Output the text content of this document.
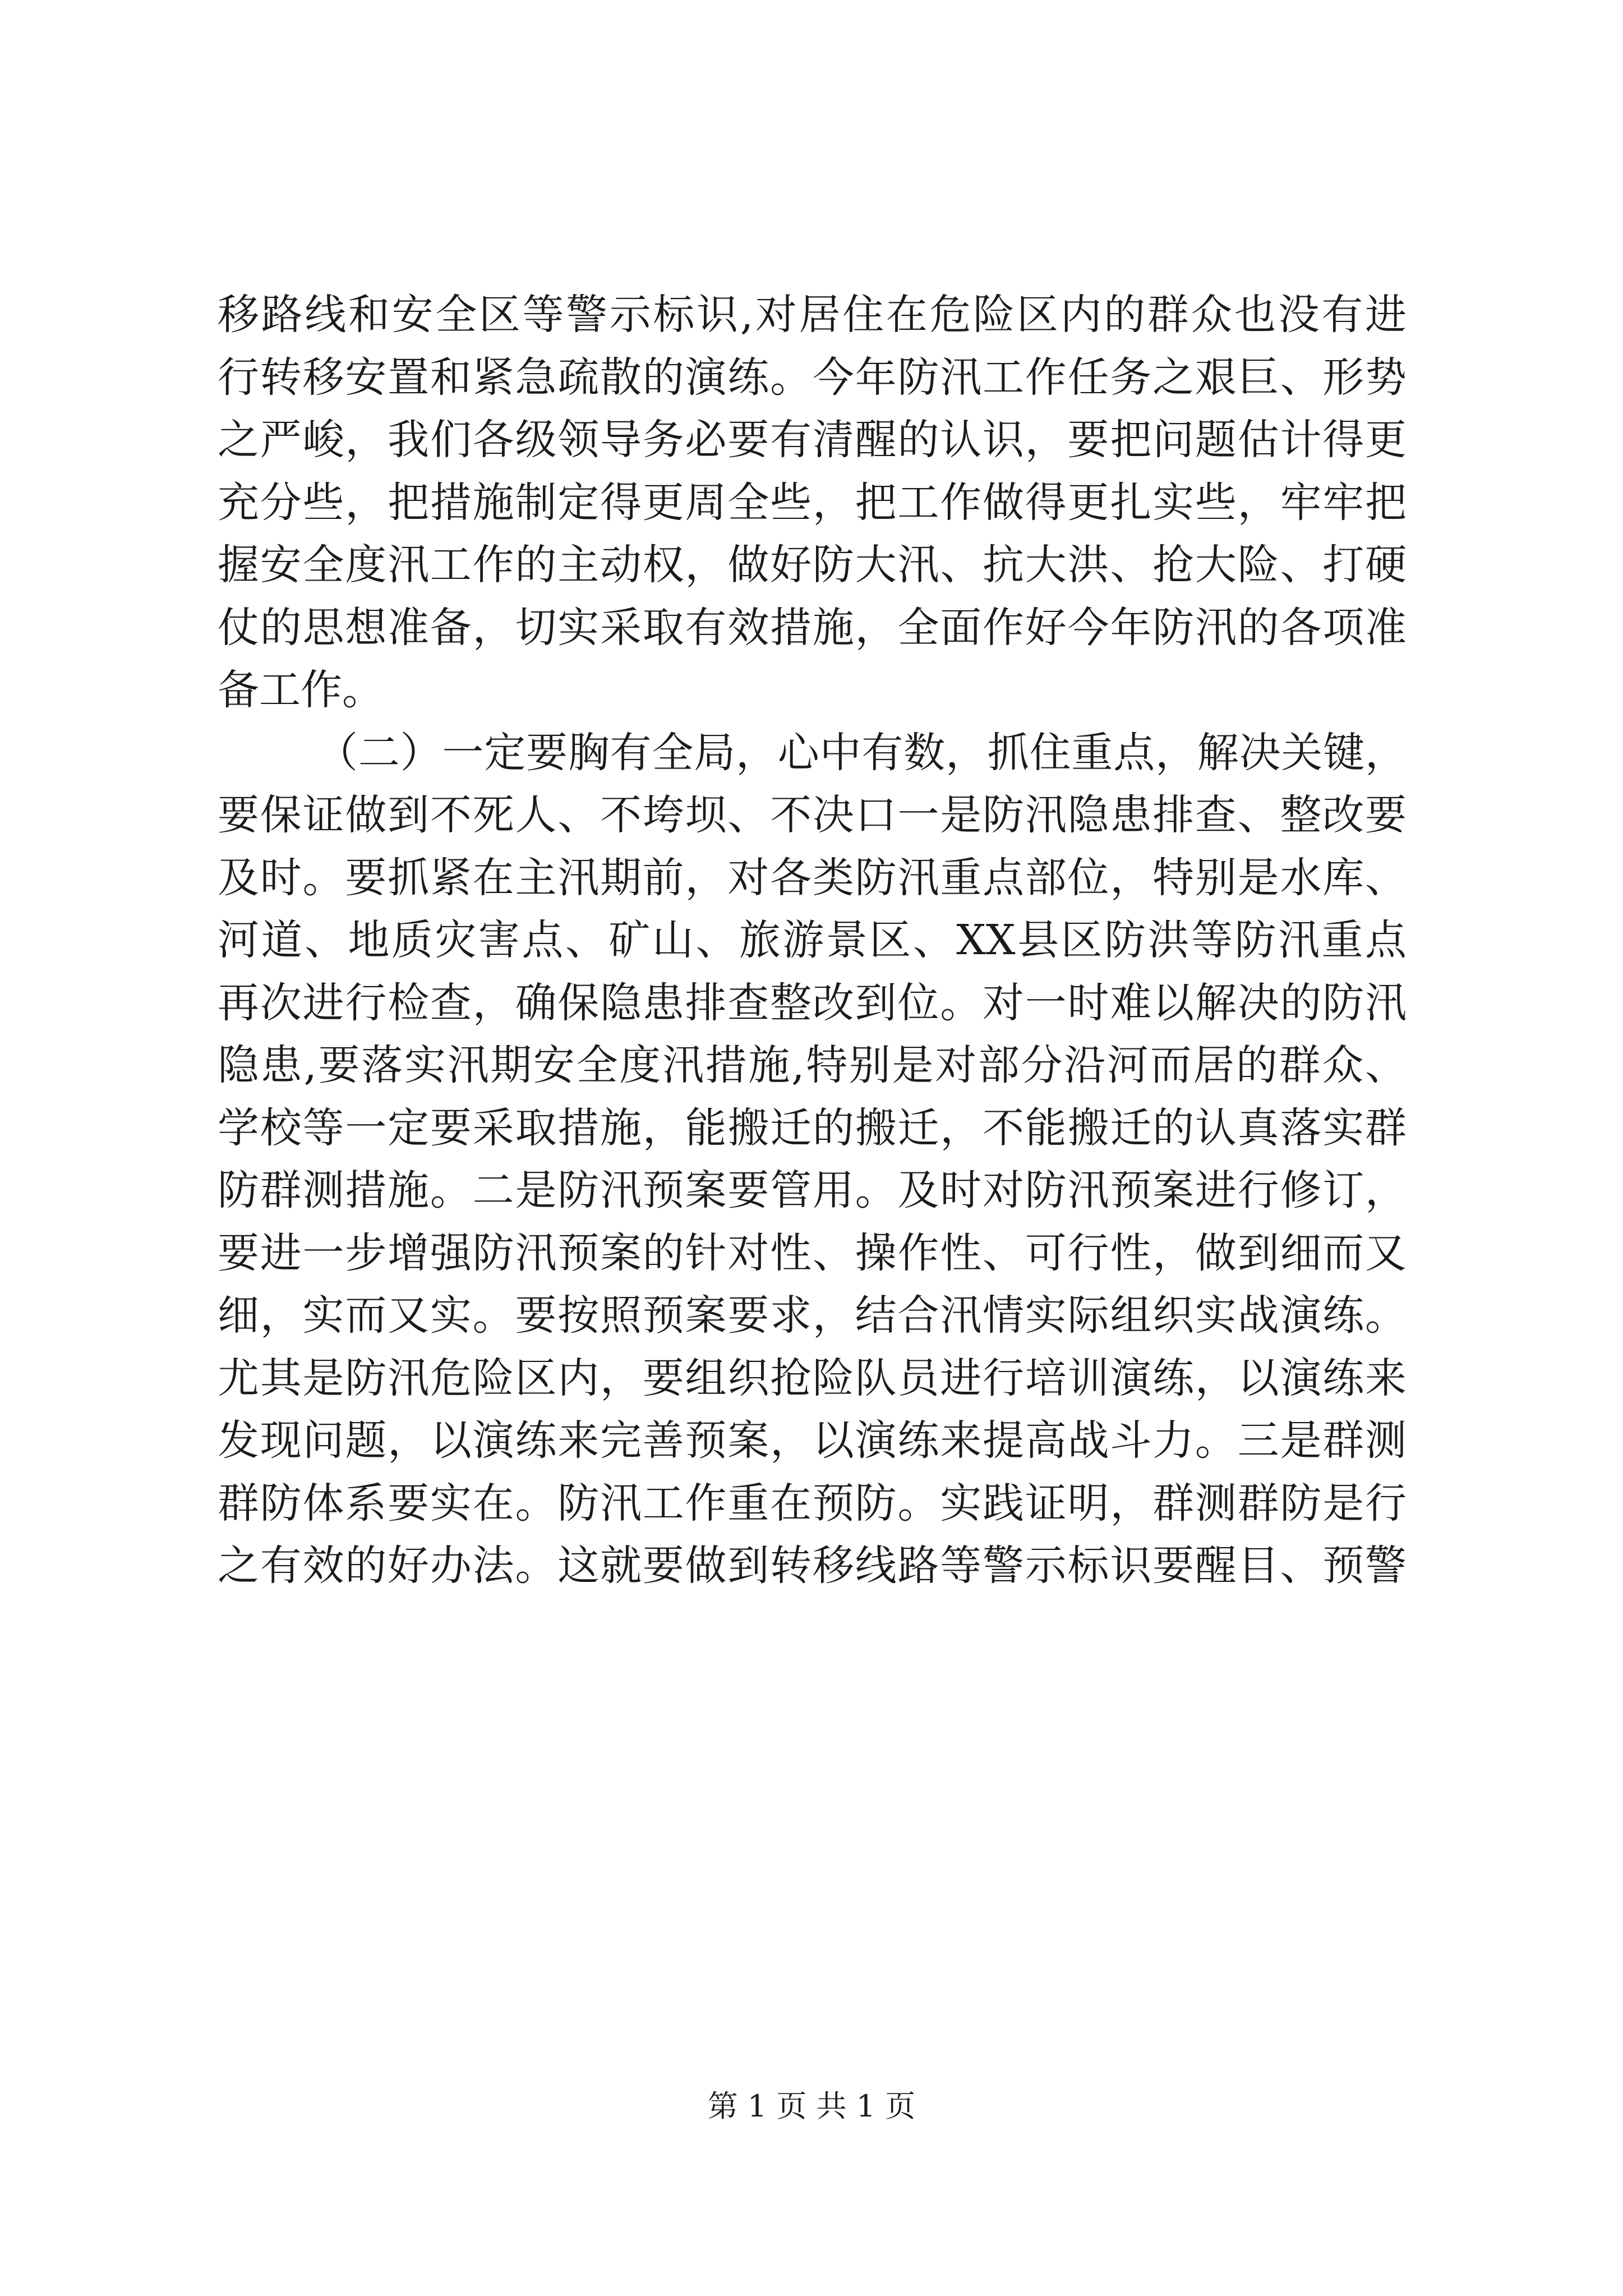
移路线和安全区等警示标识,对居住在危险区内的群众也没有进
行转移安置和紧急疏散的演练。今年防汛工作任务之艰巨、形势
之严峻，我们各级领导务必要有清醒的认识，要把问题估计得更
充分些，把措施制定得更周全些，把工作做得更扎实些，牢牢把
握安全度汛工作的主动权，做好防大汛、抗大洪、抢大险、打硬
仗的思想准备，切实采取有效措施，全面作好今年防汛的各项准
备工作。
（二）一定要胸有全局，心中有数，抓住重点，解决关键，
要保证做到不死人、不垮坝、不决口一是防汛隐患排查、整改要
及时。要抓紧在主汛期前，对各类防汛重点部位，特别是水库、
河道、地质灾害点、矿山、旅游景区、XX县区防洪等防汛重点
再次进行检查，确保隐患排查整改到位。对一时难以解决的防汛
隐患,要落实汛期安全度汛措施,特别是对部分沿河而居的群众、
学校等一定要采取措施，能搬迁的搬迁，不能搬迁的认真落实群
防群测措施。二是防汛预案要管用。及时对防汛预案进行修订，
要进一步增强防汛预案的针对性、操作性、可行性，做到细而又
细，实而又实。要按照预案要求，结合汛情实际组织实战演练。
尤其是防汛危险区内，要组织抢险队员进行培训演练，以演练来
发现问题，以演练来完善预案，以演练来提高战斗力。三是群测
群防体系要实在。防汛工作重在预防。实践证明，群测群防是行
之有效的好办法。这就要做到转移线路等警示标识要醒目、预警
第 1 页 共 1 页
